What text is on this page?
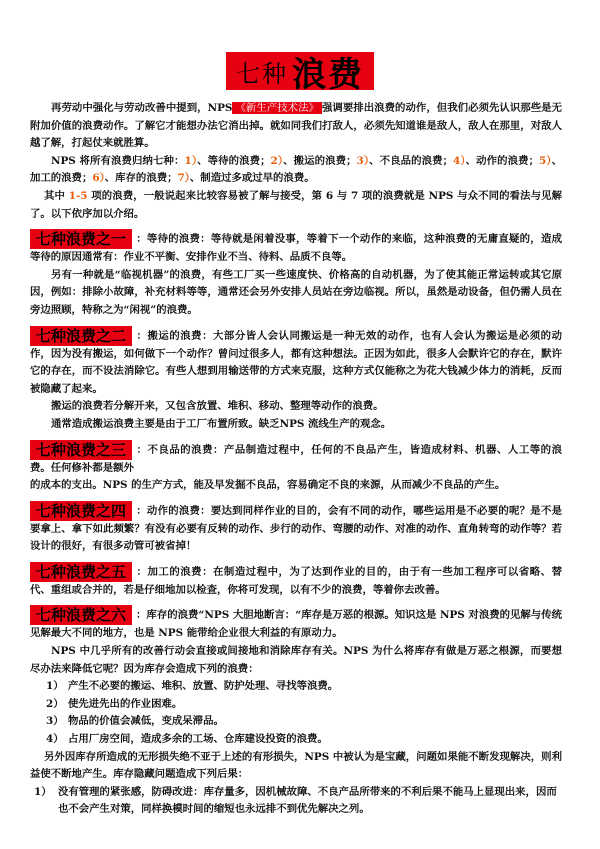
七种 浪费

再劳动中强化与劳动改善中提到，NPS 《新生产技术法》 强调要排出浪费的动作，但我们必须先认识那些是无附加价值的浪费动作。了解它才能想办法它消出掉。就如同我们打敌人，必须先知道谁是敌人，敌人在那里，对敌人越了解，打起仗来就胜算。

NPS 将所有浪费归纳七种：1）、等待的浪费；2）、搬运的浪费；3）、不良品的浪费；4）、动作的浪费；5）、加工的浪费；6）、库存的浪费；7）、制造过多或过早的浪费。

其中 1-5 项的浪费，一般说起来比较容易被了解与接受，第 6 与 7 项的浪费就是 NPS 与众不同的看法与见解了。以下依序加以介绍。

七种浪费之一 ：等待的浪费：等待就是闲着没事，等着下一个动作的来临，这种浪费的无庸直疑的，造成等待的原因通常有：作业不平衡、安排作业不当、待料、品质不良等。

另有一种就是“临视机器”的浪费，有些工厂买一些速度快、价格高的自动机器，为了使其能正常运转或其它原因，例如：排除小故障，补充材料等等，通常还会另外安排人员站在旁边临视。所以，虽然是动设备，但仍需人员在旁边照顾，特称之为“闲视”的浪费。

七种浪费之二 ：搬运的浪费：大部分皆人会认同搬运是一种无效的动作，也有人会认为搬运是必须的动作，因为没有搬运，如何做下一个动作？曾问过很多人，都有这种想法。正因为如此，很多人会默许它的存在，默许它的存在，而不设法消除它。有些人想到用输送带的方式来克服，这种方式仅能称之为花大钱减少体力的消耗，反而被隐藏了起来。

搬运的浪费若分解开来，又包含放置、堆积、移动、整理等动作的浪费。

通常造成搬运浪费主要是由于工厂布置所致。缺乏NPS 流线生产的观念。

七种浪费之三 ：不良品的浪费：产品制造过程中，任何的不良品产生，皆造成材料、机器、人工等的浪费。任何修补都是额外

的成本的支出。NPS 的生产方式，能及早发掘不良品，容易确定不良的来源，从而减少不良品的产生。

七种浪费之四 ：动作的浪费：要达到同样作业的目的，会有不同的动作，哪些运用是不必要的呢？是不是要拿上、拿下如此频繁？有没有必要有反转的动作、步行的动作、弯腰的动作、对准的动作、直角转弯的动作等？若设计的很好，有很多动管可被省掉！

七种浪费之五 ：加工的浪费：在制造过程中，为了达到作业的目的，由于有一些加工程序可以省略、替代、重组或合并的，若是仔细地加以检查，你将可发现，以有不少的浪费，等着你去改善。

七种浪费之六 ：库存的浪费“NPS 大胆地断言：“库存是万恶的根源。知识这是 NPS 对浪费的见解与传统见解最大不同的地方，也是 NPS 能带给企业很大利益的有原动力。

NPS 中几乎所有的改善行动会直接或间接地和消除库存有关。NPS 为什么将库存有做是万恶之根源，而要想尽办法来降低它呢？因为库存会造成下列的浪费：

1） 产生不必要的搬运、堆积、放置、防护处理、寻找等浪费。
2） 使先进先出的作业困难。
3） 物品的价值会减低，变成呆滞品。
4） 占用厂房空间，造成多余的工场、仓库建设投资的浪费。

另外因库存所造成的无形损失绝不亚于上述的有形损失，NPS 中被认为是宝藏，问题如果能不断发现解决，则利益使不断地产生。库存隐藏问题造成下列后果：

1） 没有管理的紧张感，防碍改进：库存量多，因机械故障、不良产品所带来的不利后果不能马上显现出来，因而也不会产生对策，同样换模时间的缩短也永远排不到优先解决之列。
